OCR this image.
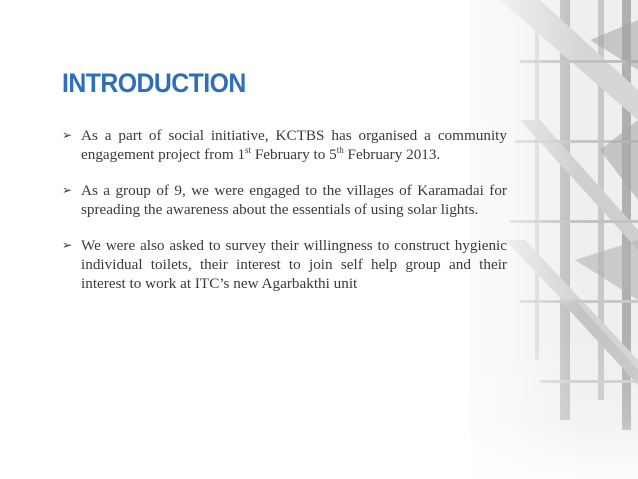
INTRODUCTION
➢ As a part of social initiative, KCTBS has organised a community engagement project from 1st February to 5th February 2013.
➢ As a group of 9, we were engaged to the villages of Karamadai for spreading the awareness about the essentials of using solar lights.
➢ We were also asked to survey their willingness to construct hygienic individual toilets, their interest to join self help group and their interest to work at ITC’s new Agarbakthi unit
